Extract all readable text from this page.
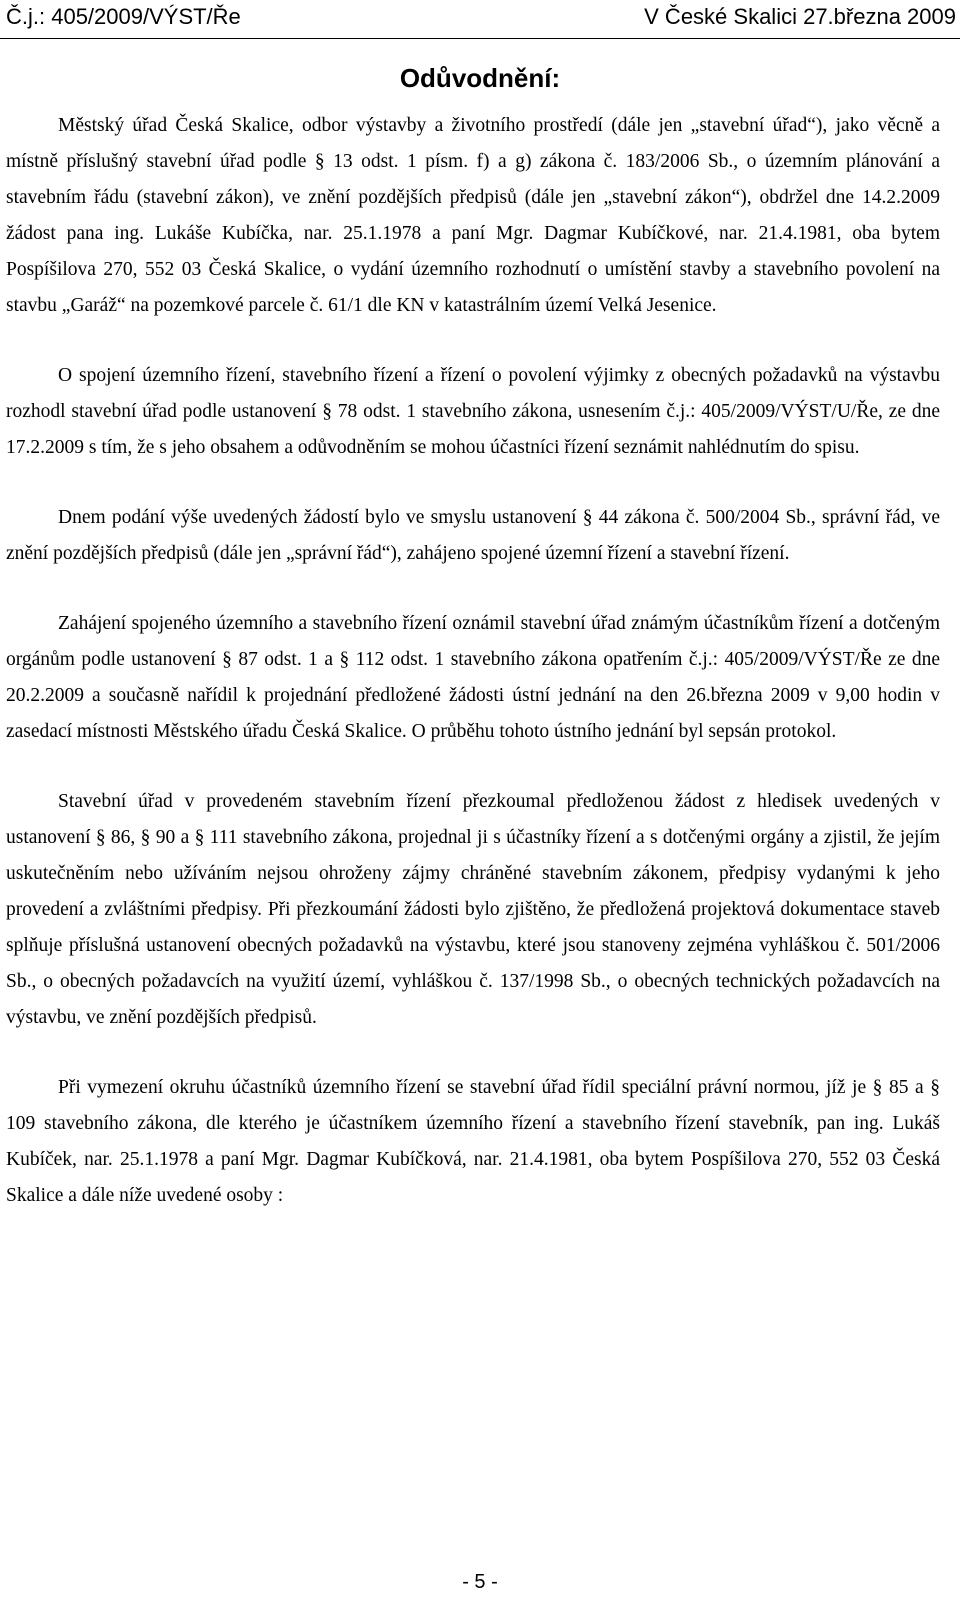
Č.j.: 405/2009/VÝST/Ře	V České Skalici 27.března 2009
Odůvodnění:

Městský úřad Česká Skalice, odbor výstavby a životního prostředí (dále jen „stavební úřad“), jako věcně a místně příslušný stavební úřad podle § 13 odst. 1 písm. f) a g) zákona č. 183/2006 Sb., o územním plánování a stavebním řádu (stavební zákon), ve znění pozdějších předpisů (dále jen „stavební zákon“), obdržel dne 14.2.2009 žádost pana ing. Lukáše Kubíčka, nar. 25.1.1978 a paní Mgr. Dagmar Kubíčkové, nar. 21.4.1981, oba bytem Pospíšilova 270, 552 03 Česká Skalice, o vydání územního rozhodnutí o umístění stavby a stavebního povolení na stavbu „Garáž“ na pozemkové parcele č. 61/1 dle KN v katastrálním území Velká Jesenice.

O spojení územního řízení, stavebního řízení a řízení o povolení výjimky z obecných požadavků na výstavbu rozhodl stavební úřad podle ustanovení § 78 odst. 1 stavebního zákona, usnesením č.j.: 405/2009/VÝST/U/Ře, ze dne 17.2.2009 s tím, že s jeho obsahem a odůvodněním se mohou účastníci řízení seznámit nahlédnutím do spisu.

Dnem podání výše uvedených žádostí bylo ve smyslu ustanovení § 44 zákona č. 500/2004 Sb., správní řád, ve znění pozdějších předpisů (dále jen „správní řád“), zahájeno spojené územní řízení a stavební řízení.

Zahájení spojeného územního a stavebního řízení oznámil stavební úřad známým účastníkům řízení a dotčeným orgánům podle ustanovení § 87 odst. 1 a § 112 odst. 1 stavebního zákona opatřením č.j.: 405/2009/VÝST/Ře ze dne 20.2.2009 a současně nařídil k projednání předložené žádosti ústní jednání na den 26.března 2009 v 9,00 hodin v zasedací místnosti Městského úřadu Česká Skalice. O průběhu tohoto ústního jednání byl sepsán protokol.

Stavební úřad v provedeném stavebním řízení přezkoumal předloženou žádost z hledisek uvedených v ustanovení § 86, § 90 a § 111 stavebního zákona, projednal ji s účastníky řízení a s dotčenými orgány a zjistil, že jejím uskutečněním nebo užíváním nejsou ohroženy zájmy chráněné stavebním zákonem, předpisy vydanými k jeho provedení a zvláštními předpisy. Při přezkoumání žádosti bylo zjištěno, že předložená projektová dokumentace staveb splňuje příslušná ustanovení obecných požadavků na výstavbu, které jsou stanoveny zejména vyhláškou č. 501/2006 Sb., o obecných požadavcích na využití území, vyhláškou č. 137/1998 Sb., o obecných technických požadavcích na výstavbu, ve znění pozdějších předpisů.

Při vymezení okruhu účastníků územního řízení se stavební úřad řídil speciální právní normou, jíž je § 85 a § 109 stavebního zákona, dle kterého je účastníkem územního řízení a stavebního řízení stavebník, pan ing. Lukáš Kubíček, nar. 25.1.1978 a paní Mgr. Dagmar Kubíčková, nar. 21.4.1981, oba bytem Pospíšilova 270, 552 03 Česká Skalice a dále níže uvedené osoby :

- 5 -
